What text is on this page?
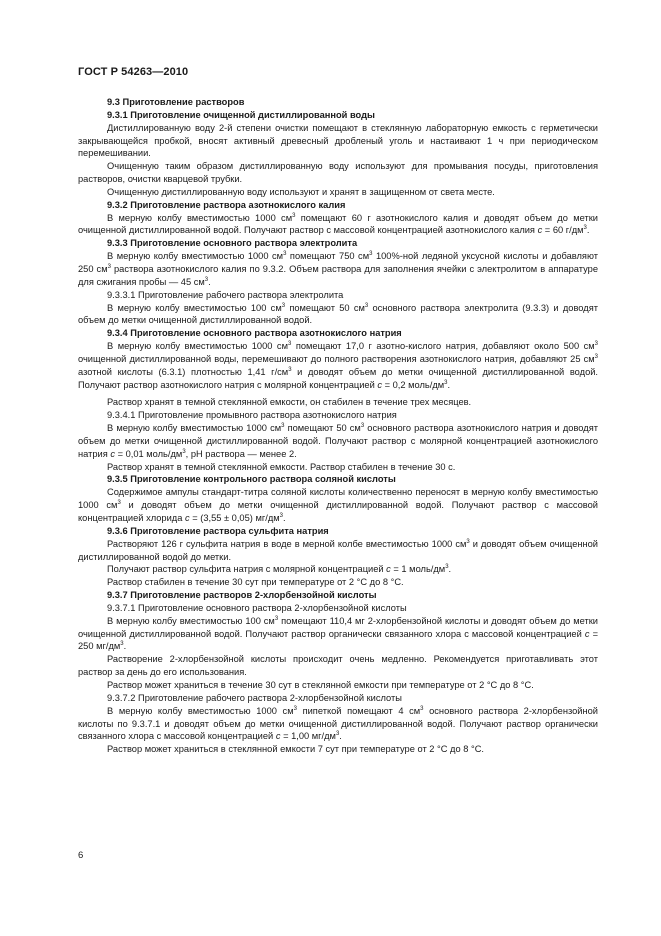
ГОСТ Р 54263—2010

9.3 Приготовление растворов

9.3.1 Приготовление очищенной дистиллированной воды

Дистиллированную воду 2-й степени очистки помещают в стеклянную лабораторную емкость с герметически закрывающейся пробкой, вносят активный древесный дробленый уголь и настаивают 1 ч при периодическом перемешивании.

Очищенную таким образом дистиллированную воду используют для промывания посуды, приготовления растворов, очистки кварцевой трубки.

Очищенную дистиллированную воду используют и хранят в защищенном от света месте.

9.3.2 Приготовление раствора азотнокислого калия

В мерную колбу вместимостью 1000 $см^3$ помещают 60 г азотнокислого калия и доводят объем до метки очищенной дистиллированной водой. Получают раствор с массовой концентрацией азотнокислого калия с = 60 $г/дм^3$.

9.3.3 Приготовление основного раствора электролита

В мерную колбу вместимостью 1000 $см^3$ помещают 750 $см^3$ 100%-ной ледяной уксусной кислоты и добавляют 250 $см^3$ раствора азотнокислого калия по 9.3.2. Объем раствора для заполнения ячейки с электролитом в аппаратуре для сжигания пробы — 45 $см^3$.

9.3.3.1 Приготовление рабочего раствора электролита

В мерную колбу вместимостью 100 $см^3$ помещают 50 $см^3$ основного раствора электролита (9.3.3) и доводят объем до метки очищенной дистиллированной водой.

9.3.4 Приготовление основного раствора азотнокислого натрия

В мерную колбу вместимостью 1000 $см^3$ помещают 17,0 г азотно-кислого натрия, добавляют около 500 $см^3$ очищенной дистиллированной воды, перемешивают до полного растворения азотнокислого натрия, добавляют 25 $см^3$ азотной кислоты (6.3.1) плотностью 1,41 $г/см^3$ и доводят объем до метки очищенной дистиллированной водой. Получают раствор азотнокислого натрия с молярной концентрацией с = 0,2 моль/$дм^3$.

Раствор хранят в темной стеклянной емкости, он стабилен в течение трех месяцев.

9.3.4.1 Приготовление промывного раствора азотнокислого натрия

В мерную колбу вместимостью 1000 $см^3$ помещают 50 $см^3$ основного раствора азотнокислого натрия и доводят объем до метки очищенной дистиллированной водой. Получают раствор с молярной концентрацией азотнокислого натрия с = 0,01 моль/$дм^3$, рН раствора — менее 2.

Раствор хранят в темной стеклянной емкости. Раствор стабилен в течение 30 с.

9.3.5 Приготовление контрольного раствора соляной кислоты

Содержимое ампулы стандарт-титра соляной кислоты количественно переносят в мерную колбу вместимостью 1000 $см^3$ и доводят объем до метки очищенной дистиллированной водой. Получают раствор с массовой концентрацией хлорида с = (3,55 ± 0,05) $мг/дм^3$.

9.3.6 Приготовление раствора сульфита натрия

Растворяют 126 г сульфита натрия в воде в мерной колбе вместимостью 1000 $см^3$ и доводят объем очищенной дистиллированной водой до метки.

Получают раствор сульфита натрия с молярной концентрацией с = 1 моль/$дм^3$.

Раствор стабилен в течение 30 сут при температуре от 2 °С до 8 °С.

9.3.7 Приготовление растворов 2-хлорбензойной кислоты

9.3.7.1 Приготовление основного раствора 2-хлорбензойной кислоты

В мерную колбу вместимостью 100 $см^3$ помещают 110,4 мг 2-хлорбензойной кислоты и доводят объем до метки очищенной дистиллированной водой. Получают раствор органически связанного хлора с массовой концентрацией с = 250 $мг/дм^3$.

Растворение 2-хлорбензойной кислоты происходит очень медленно. Рекомендуется приготавливать этот раствор за день до его использования.

Раствор может храниться в течение 30 сут в стеклянной емкости при температуре от 2 °С до 8 °С.

9.3.7.2 Приготовление рабочего раствора 2-хлорбензойной кислоты

В мерную колбу вместимостью 1000 $см^3$ пипеткой помещают 4 $см^3$ основного раствора 2-хлорбензойной кислоты по 9.3.7.1 и доводят объем до метки очищенной дистиллированной водой. Получают раствор органически связанного хлора с массовой концентрацией с = 1,00 $мг/дм^3$.

Раствор может храниться в стеклянной емкости 7 сут при температуре от 2 °С до 8 °С.

6
